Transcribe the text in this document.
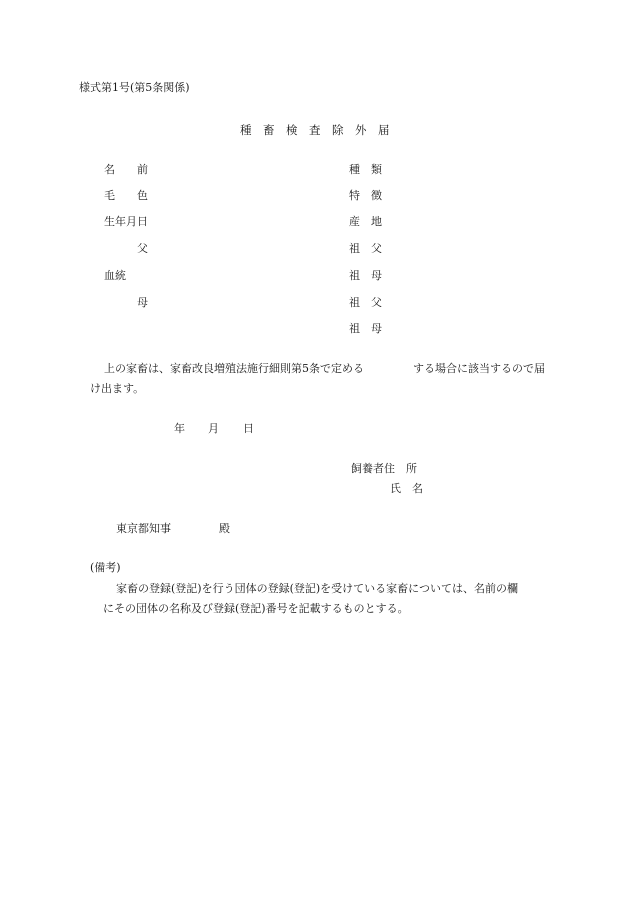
様式第1号(第5条関係)
種　畜　検　査　除　外　届
名　　前
毛　　色
生年月日
父
血統
母
種　類
特　徴
産　地
祖　父
祖　母
祖　父
祖　母
上の家畜は、家畜改良増殖法施行細則第5条で定める	する場合に該当するので届
け出ます。
年 月 日
飼養者住　所
氏　名
東京都知事	殿
(備考)
家畜の登録(登記)を行う団体の登録(登記)を受けている家畜については、名前の欄
にその団体の名称及び登録(登記)番号を記載するものとする。
